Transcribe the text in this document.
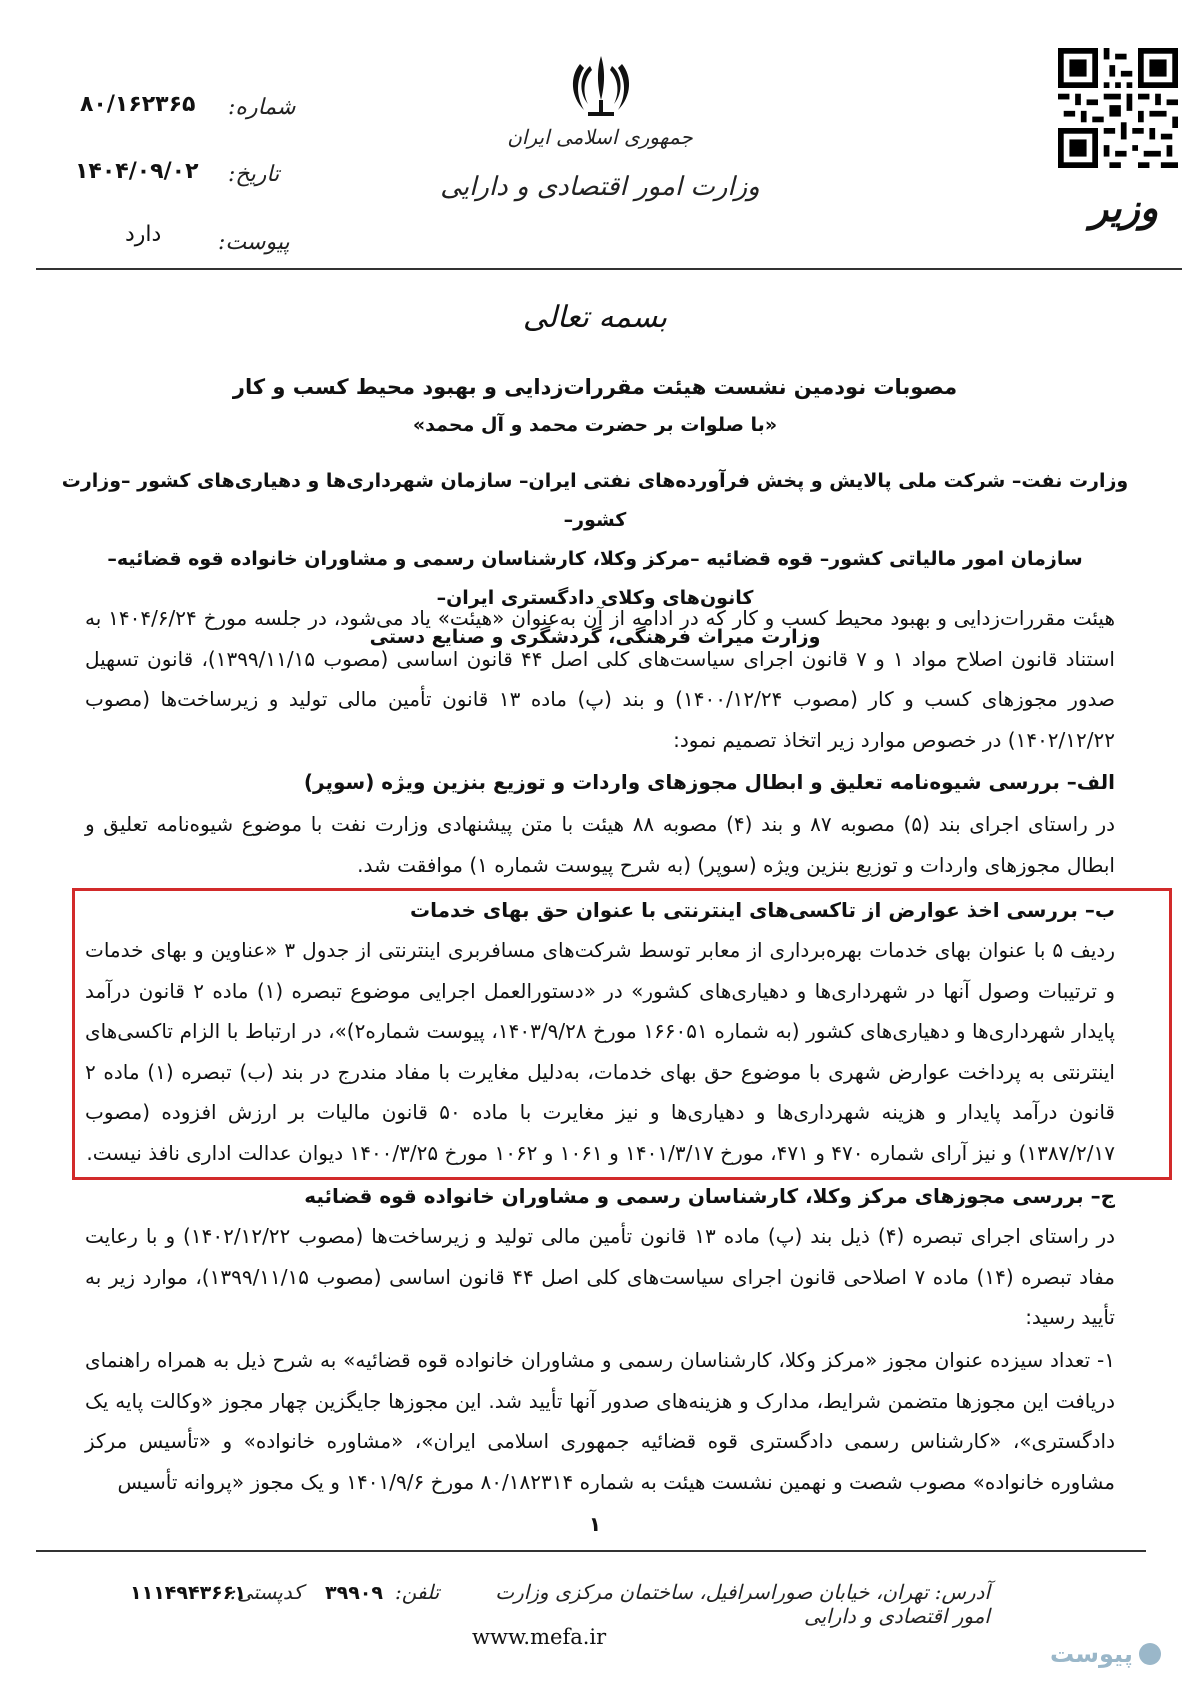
شماره:
۸۰/۱۶۲۳۶۵
تاریخ:
۱۴۰۴/۰۹/۰۲
پیوست:
دارد
جمهوری اسلامی ایران
وزارت امور اقتصادی و دارایی	وزیر
بسمه تعالی
مصوبات نودمین نشست هیئت مقررات‌زدایی و بهبود محیط کسب و کار
«با صلوات بر حضرت محمد و آل محمد»
وزارت نفت– شرکت ملی پالایش و پخش فرآورده‌های نفتی ایران– سازمان شهرداری‌ها و دهیاری‌های کشور –وزارت کشور–
سازمان امور مالیاتی کشور– قوه قضائیه –مرکز وکلا، کارشناسان رسمی و مشاوران خانواده قوه قضائیه– کانون‌های وکلای دادگستری ایران–
وزارت میراث فرهنگی، گردشگری و صنایع دستی
هیئت مقررات‌زدایی و بهبود محیط کسب و کار که در ادامه از آن به‌عنوان «هیئت» یاد می‌شود، در جلسه مورخ ۱۴۰۴/۶/۲۴ به استناد قانون اصلاح مواد ۱ و ۷ قانون اجرای سیاست‌های کلی اصل ۴۴ قانون اساسی (مصوب ۱۳۹۹/۱۱/۱۵)، قانون تسهیل صدور مجوزهای کسب و کار (مصوب ۱۴۰۰/۱۲/۲۴) و بند (پ) ماده ۱۳ قانون تأمین مالی تولید و زیرساخت‌ها (مصوب ۱۴۰۲/۱۲/۲۲) در خصوص موارد زیر اتخاذ تصمیم نمود:
الف– بررسی شیوه‌نامه تعلیق و ابطال مجوزهای واردات و توزیع بنزین ویژه (سوپر)
در راستای اجرای بند (۵) مصوبه ۸۷ و بند (۴) مصوبه ۸۸ هیئت با متن پیشنهادی وزارت نفت با موضوع شیوه‌نامه تعلیق و ابطال مجوزهای واردات و توزیع بنزین ویژه (سوپر) (به شرح پیوست شماره ۱) موافقت شد.
ب– بررسی اخذ عوارض از تاکسی‌های اینترنتی با عنوان حق بهای خدمات
ردیف ۵ با عنوان بهای خدمات بهره‌برداری از معابر توسط شرکت‌های مسافربری اینترنتی از جدول ۳ «عناوین و بهای خدمات و ترتیبات وصول آنها در شهرداری‌ها و دهیاری‌های کشور» در «دستورالعمل اجرایی موضوع تبصره (۱) ماده ۲ قانون درآمد پایدار شهرداری‌ها و دهیاری‌های کشور (به شماره ۱۶۶۰۵۱ مورخ ۱۴۰۳/۹/۲۸، پیوست شماره۲)»، در ارتباط با الزام تاکسی‌های اینترنتی به پرداخت عوارض شهری با موضوع حق بهای خدمات، به‌دلیل مغایرت با مفاد مندرج در بند (ب) تبصره (۱) ماده ۲ قانون درآمد پایدار و هزینه شهرداری‌ها و دهیاری‌ها و نیز مغایرت با ماده ۵۰ قانون مالیات بر ارزش افزوده (مصوب ۱۳۸۷/۲/۱۷) و نیز آرای شماره ۴۷۰ و ۴۷۱، مورخ ۱۴۰۱/۳/۱۷ و ۱۰۶۱ و ۱۰۶۲ مورخ ۱۴۰۰/۳/۲۵ دیوان عدالت اداری نافذ نیست.
ج– بررسی مجوزهای مرکز وکلا، کارشناسان رسمی و مشاوران خانواده قوه قضائیه
در راستای اجرای تبصره (۴) ذیل بند (پ) ماده ۱۳ قانون تأمین مالی تولید و زیرساخت‌ها (مصوب ۱۴۰۲/۱۲/۲۲) و با رعایت مفاد تبصره (۱۴) ماده ۷ اصلاحی قانون اجرای سیاست‌های کلی اصل ۴۴ قانون اساسی (مصوب ۱۳۹۹/۱۱/۱۵)، موارد زیر به تأیید رسید:
۱- تعداد سیزده عنوان مجوز «مرکز وکلا، کارشناسان رسمی و مشاوران خانواده قوه قضائیه» به شرح ذیل به همراه راهنمای دریافت این مجوزها متضمن شرایط، مدارک و هزینه‌های صدور آنها تأیید شد. این مجوزها جایگزین چهار مجوز «وکالت پایه یک دادگستری»، «کارشناس رسمی دادگستری قوه قضائیه جمهوری اسلامی ایران»، «مشاوره خانواده» و «تأسیس مرکز مشاوره خانواده» مصوب شصت و نهمین نشست هیئت به شماره ۸۰/۱۸۲۳۱۴ مورخ ۱۴۰۱/۹/۶ و یک مجوز «پروانه تأسیس
۱
آدرس: تهران، خیابان صوراسرافیل، ساختمان مرکزی وزارت امور اقتصادی و دارایی
تلفن:
۳۹۹۰۹
کدپستی:
۱۱۱۴۹۴۳۶۶۱
www.mefa.ir
پیوست
